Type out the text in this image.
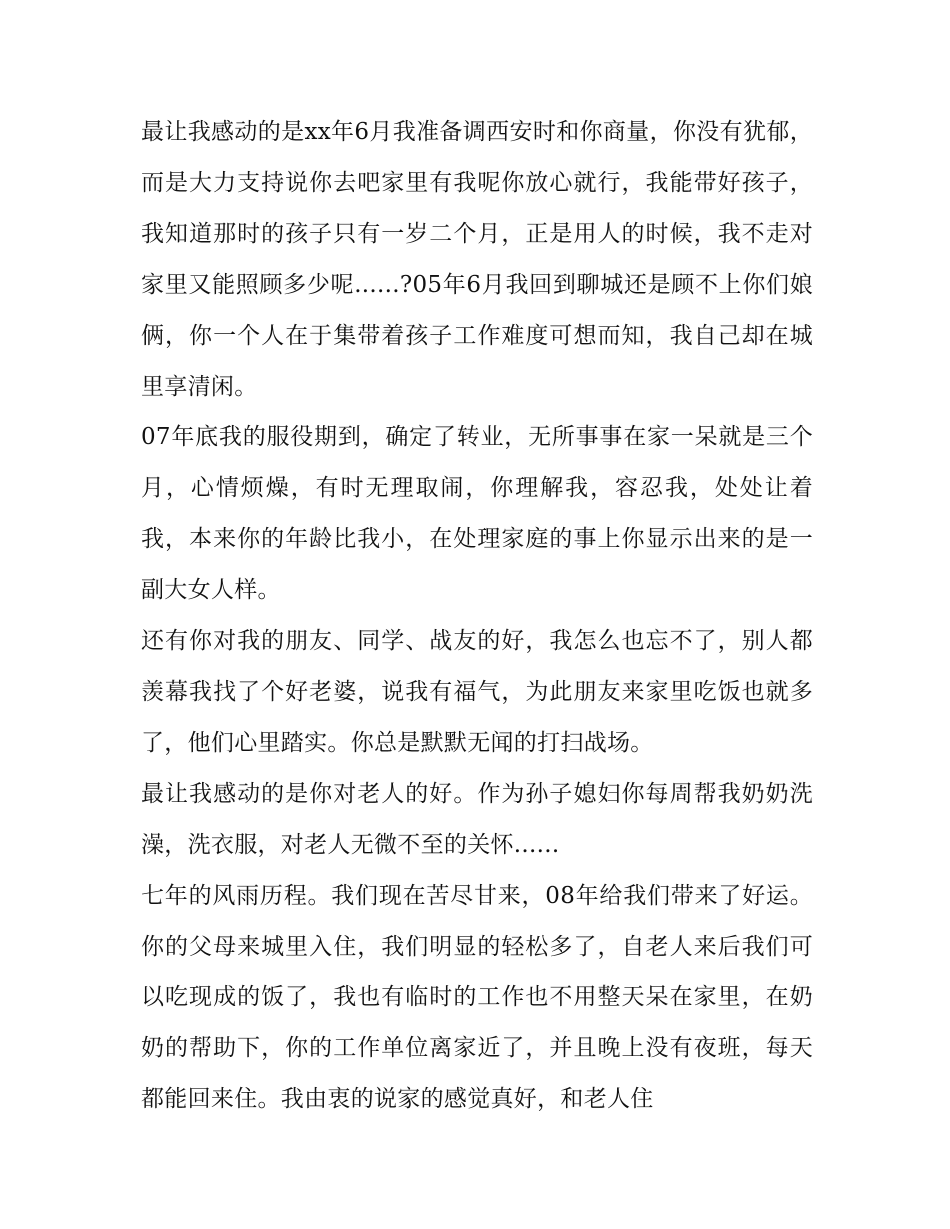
最让我感动的是xx年6月我准备调西安时和你商量，你没有犹郁，而是大力支持说你去吧家里有我呢你放心就行，我能带好孩子，我知道那时的孩子只有一岁二个月，正是用人的时候，我不走对家里又能照顾多少呢......?05年6月我回到聊城还是顾不上你们娘俩，你一个人在于集带着孩子工作难度可想而知，我自己却在城里享清闲。

07年底我的服役期到，确定了转业，无所事事在家一呆就是三个月，心情烦燥，有时无理取闹，你理解我，容忍我，处处让着我，本来你的年龄比我小，在处理家庭的事上你显示出来的是一副大女人样。

还有你对我的朋友、同学、战友的好，我怎么也忘不了，别人都羡幕我找了个好老婆，说我有福气，为此朋友来家里吃饭也就多了，他们心里踏实。你总是默默无闻的打扫战场。

最让我感动的是你对老人的好。作为孙子媳妇你每周帮我奶奶洗澡，洗衣服，对老人无微不至的关怀......

七年的风雨历程。我们现在苦尽甘来，08年给我们带来了好运。你的父母来城里入住，我们明显的轻松多了，自老人来后我们可以吃现成的饭了，我也有临时的工作也不用整天呆在家里，在奶奶的帮助下，你的工作单位离家近了，并且晚上没有夜班，每天都能回来住。我由衷的说家的感觉真好，和老人住
